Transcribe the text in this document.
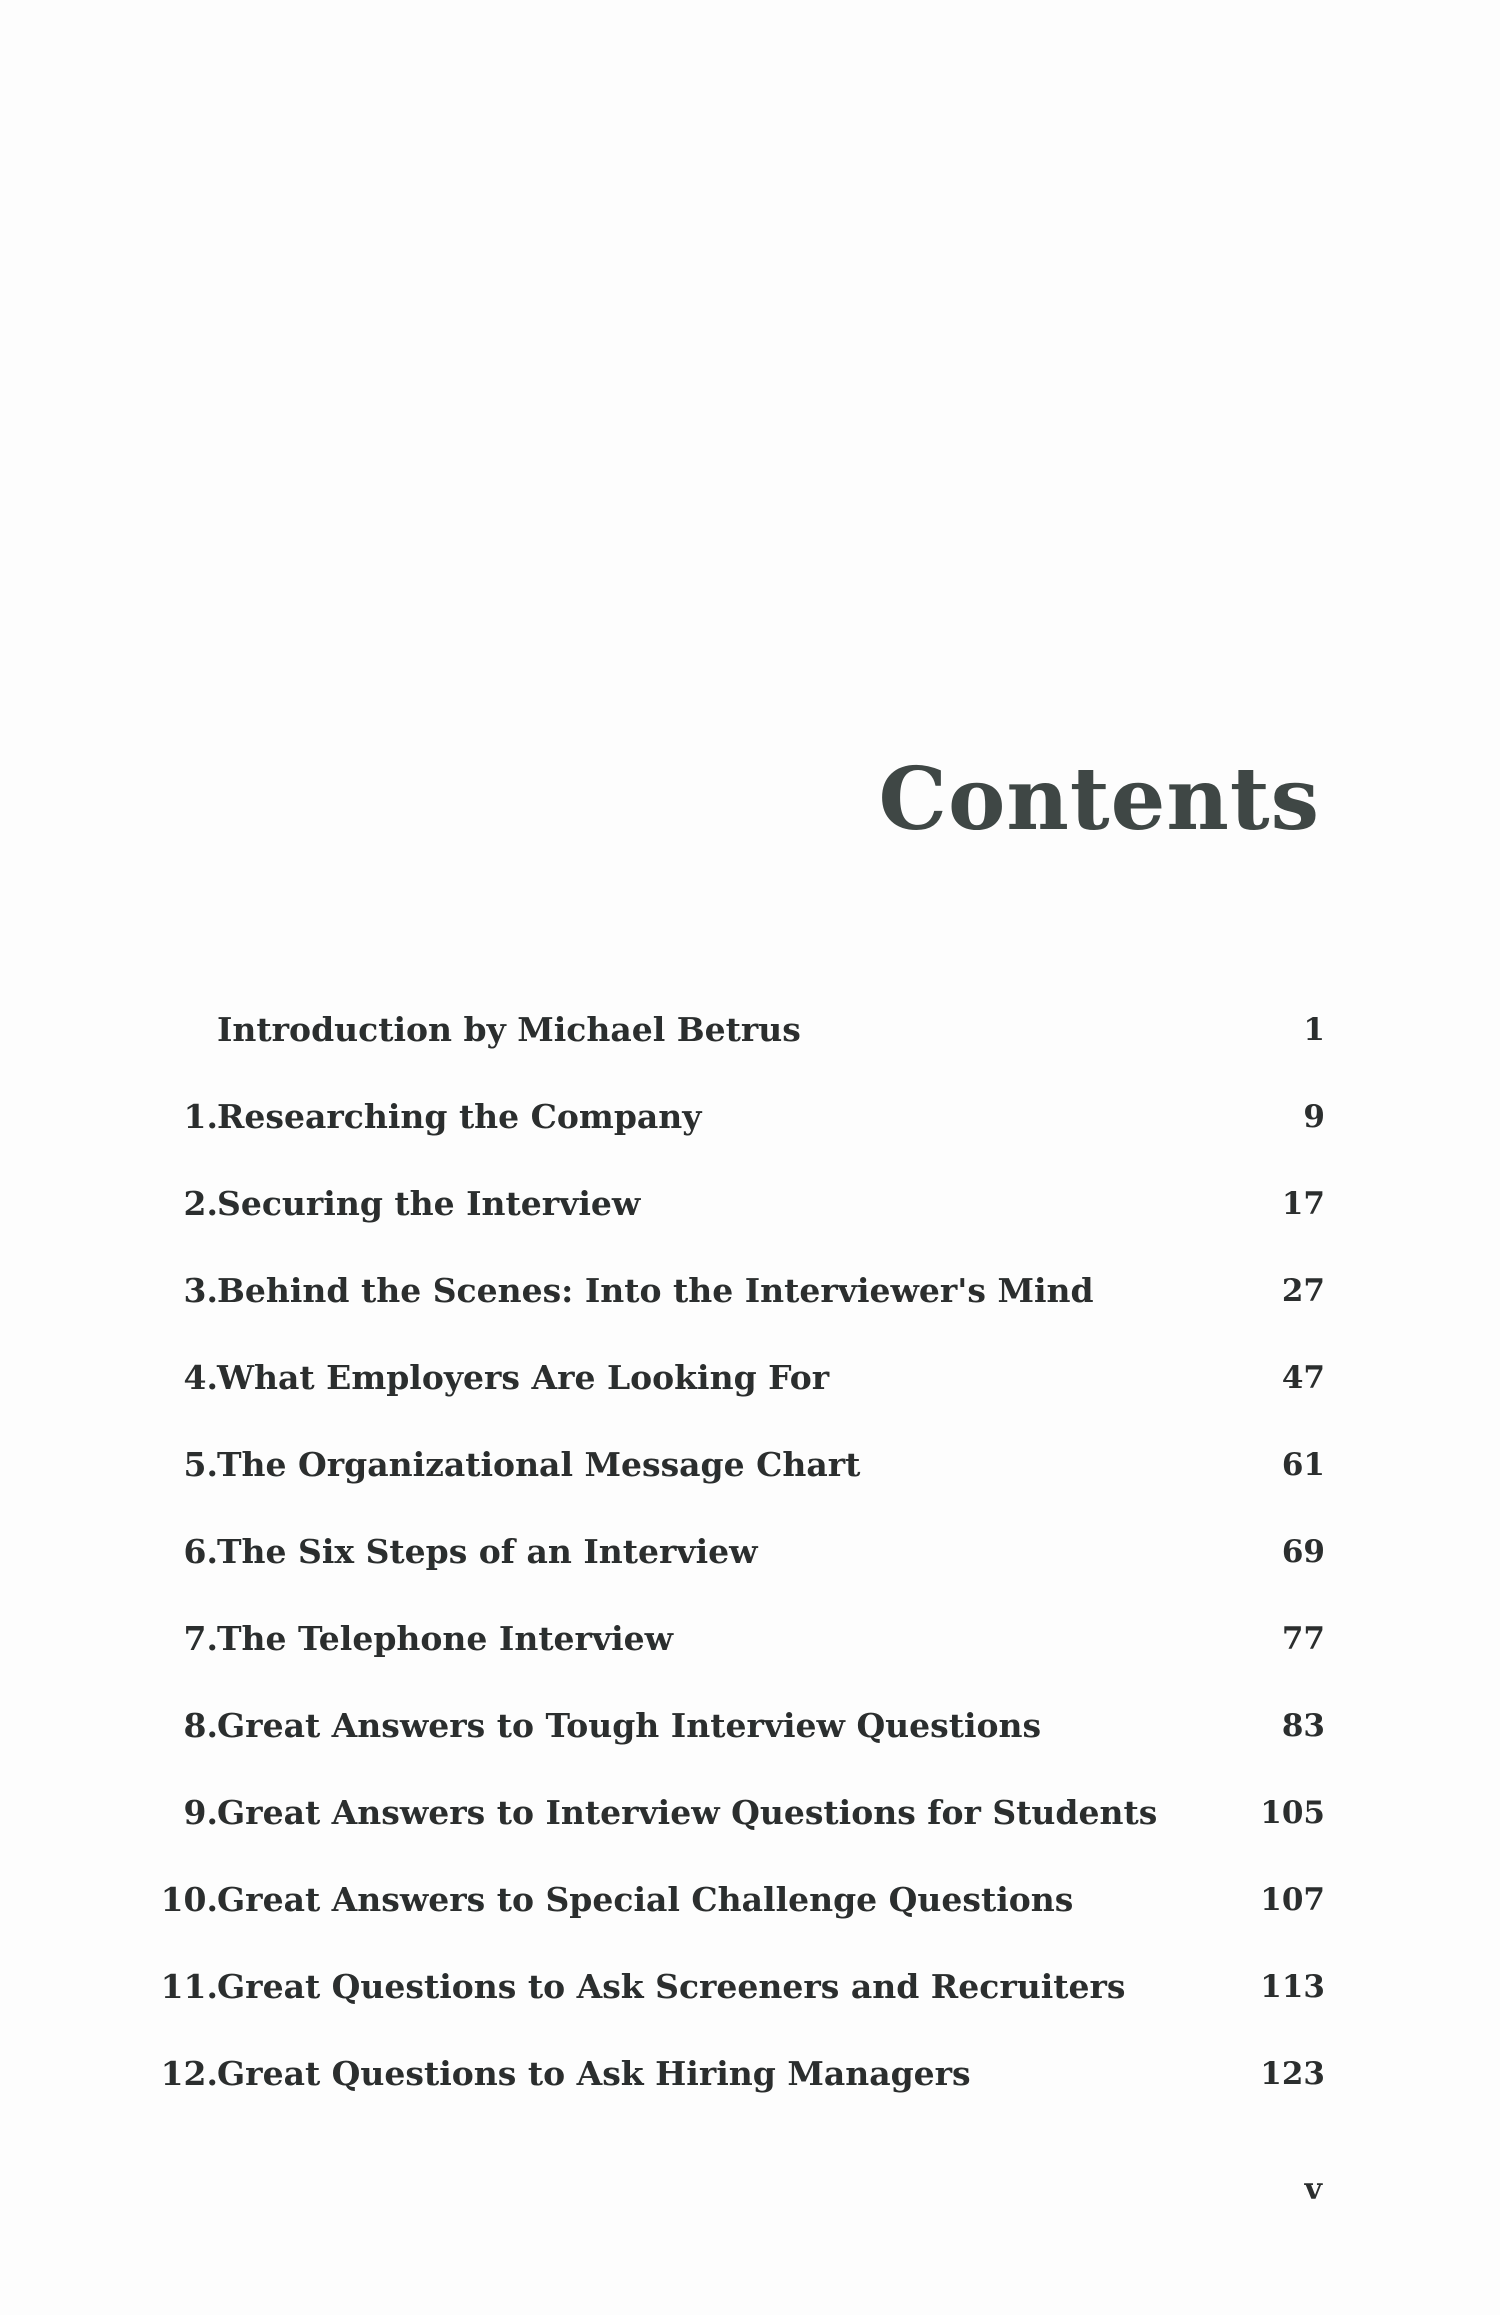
Contents
Introduction by Michael Betrus	1
1. Researching the Company	9
2. Securing the Interview	17
3. Behind the Scenes: Into the Interviewer's Mind	27
4. What Employers Are Looking For	47
5. The Organizational Message Chart	61
6. The Six Steps of an Interview	69
7. The Telephone Interview	77
8. Great Answers to Tough Interview Questions	83
9. Great Answers to Interview Questions for Students	105
10. Great Answers to Special Challenge Questions	107
11. Great Questions to Ask Screeners and Recruiters	113
12. Great Questions to Ask Hiring Managers	123
v
